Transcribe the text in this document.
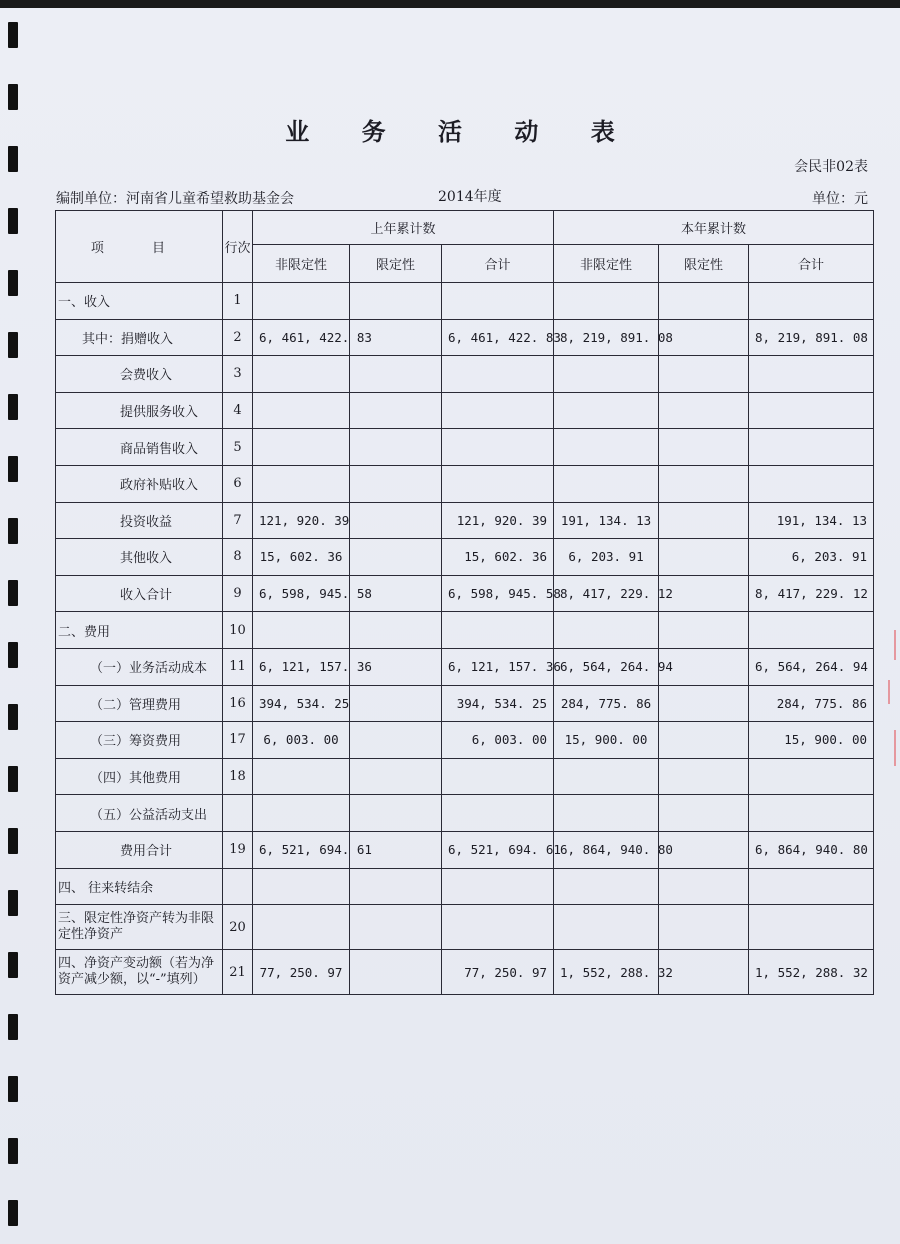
业 务 活 动 表
会民非02表
编制单位：河南省儿童希望救助基金会	2014年度	单位：元
项 目	行次	上年累计数			本年累计数		
		非限定性	限定性	合计	非限定性	限定性	合计
一、收入	1						
其中：捐赠收入	2	6, 461, 422. 83		6, 461, 422. 83	8, 219, 891. 08		8, 219, 891. 08
会费收入	3						
提供服务收入	4						
商品销售收入	5						
政府补贴收入	6						
投资收益	7	121, 920. 39		121, 920. 39	191, 134. 13		191, 134. 13
其他收入	8	15, 602. 36		15, 602. 36	6, 203. 91		6, 203. 91
收入合计	9	6, 598, 945. 58		6, 598, 945. 58	8, 417, 229. 12		8, 417, 229. 12
二、费用	10						
（一）业务活动成本	11	6, 121, 157. 36		6, 121, 157. 36	6, 564, 264. 94		6, 564, 264. 94
（二）管理费用	16	394, 534. 25		394, 534. 25	284, 775. 86		284, 775. 86
（三）筹资费用	17	6, 003. 00		6, 003. 00	15, 900. 00		15, 900. 00
（四）其他费用	18						
（五）公益活动支出							
费用合计	19	6, 521, 694. 61		6, 521, 694. 61	6, 864, 940. 80		6, 864, 940. 80
四、 往来转结余							
三、限定性净资产转为非限定性净资产	20						
四、净资产变动额（若为净资产减少额，以“-”填列）	21	77, 250. 97		77, 250. 97	1, 552, 288. 32		1, 552, 288. 32
